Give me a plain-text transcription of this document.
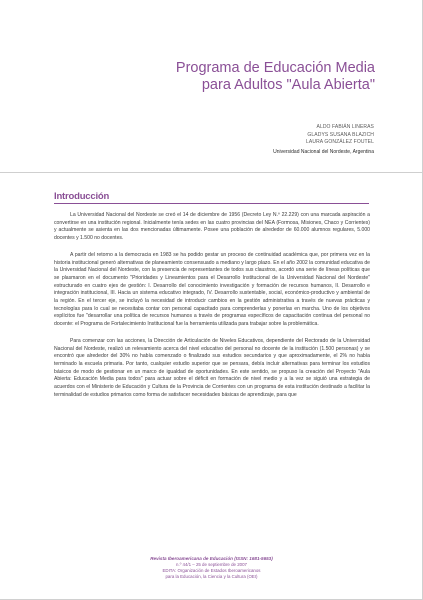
Programa de Educación Media
para Adultos "Aula Abierta"
ALDO FABIÁN LINERAS
GLADYS SUSANA BLAZICH
LAURA GONZÁLEZ FOUTEL
Universidad Nacional del Nordeste, Argentina
Introducción

La Universidad Nacional del Nordeste se creó el 14 de diciembre de 1956 (Decreto Ley N.º 22.229) con una marcada aspiración a convertirse en una institución regional. Inicialmente tenía sedes en las cuatro provincias del NEA (Formosa, Misiones, Chaco y Corrientes) y actualmente se asienta en las dos mencionadas últimamente. Posee una población de alrededor de 60.000 alumnos regulares, 5.000 docentes y 1.500 no docentes.

A partir del retorno a la democracia en 1983 se ha podido gestar un proceso de continuidad académica que, por primera vez en la historia institucional generó alternativas de planeamiento consensuado a mediano y largo plazo. En el año 2002 la comunidad educativa de la Universidad Nacional del Nordeste, con la presencia de representantes de todos sus claustros, acordó una serie de líneas políticas que se plasmaron en el documento "Prioridades y Lineamientos para el Desarrollo Institucional de la Universidad Nacional del Nordeste" estructurado en cuatro ejes de gestión: I. Desarrollo del conocimiento investigación y formación de recursos humanos, II. Desarrollo e integración institucional, III. Hacia un sistema educativo integrado, IV. Desarrollo sustentable, social, económico-productivo y ambiental de la región. En el tercer eje, se incluyó la necesidad de introducir cambios en la gestión administrativa a través de nuevas prácticas y tecnologías para lo cual se necesitaba contar con personal capacitado para comprenderlas y ponerlas en marcha. Uno de los objetivos explícitos fue "desarrollar una política de recursos humanos a través de programas específicos de capacitación continua del personal no docente: el Programa de Fortalecimiento Institucional fue la herramienta utilizada para trabajar sobre la problemática.

Para comenzar con las acciones, la Dirección de Articulación de Niveles Educativos, dependiente del Rectorado de la Universidad Nacional del Nordeste, realizó un relevamiento acerca del nivel educativo del personal no docente de la institución (1.500 personas) y se encontró que alrededor del 30% no había comenzado o finalizado sus estudios secundarios y que aproximadamente, el 2% no había terminado la escuela primaria. Por tanto, cualquier estudio superior que se pensara, debía incluir alternativas para terminar los estudios básicos de modo de gestionar en un marco de igualdad de oportunidades. En este sentido, se propuso la creación del Proyecto "Aula Abierta: Educación Media para todos" para actuar sobre el déficit en formación de nivel medio y a la vez se siguió una estrategia de acuerdos con el Ministerio de Educación y Cultura de la Provincia de Corrientes con un programa de esta institución destinado a facilitar la terminalidad de estudios primarios como forma de satisfacer necesidades básicas de aprendizaje, para que

Revista Iberoamericana de Educación (ISSN: 1681-5653)
n.º 44/1 – 25 de septiembre de 2007
EDITA: Organización de Estados Iberoamericanos
para la Educación, la Ciencia y la Cultura (OEI)
